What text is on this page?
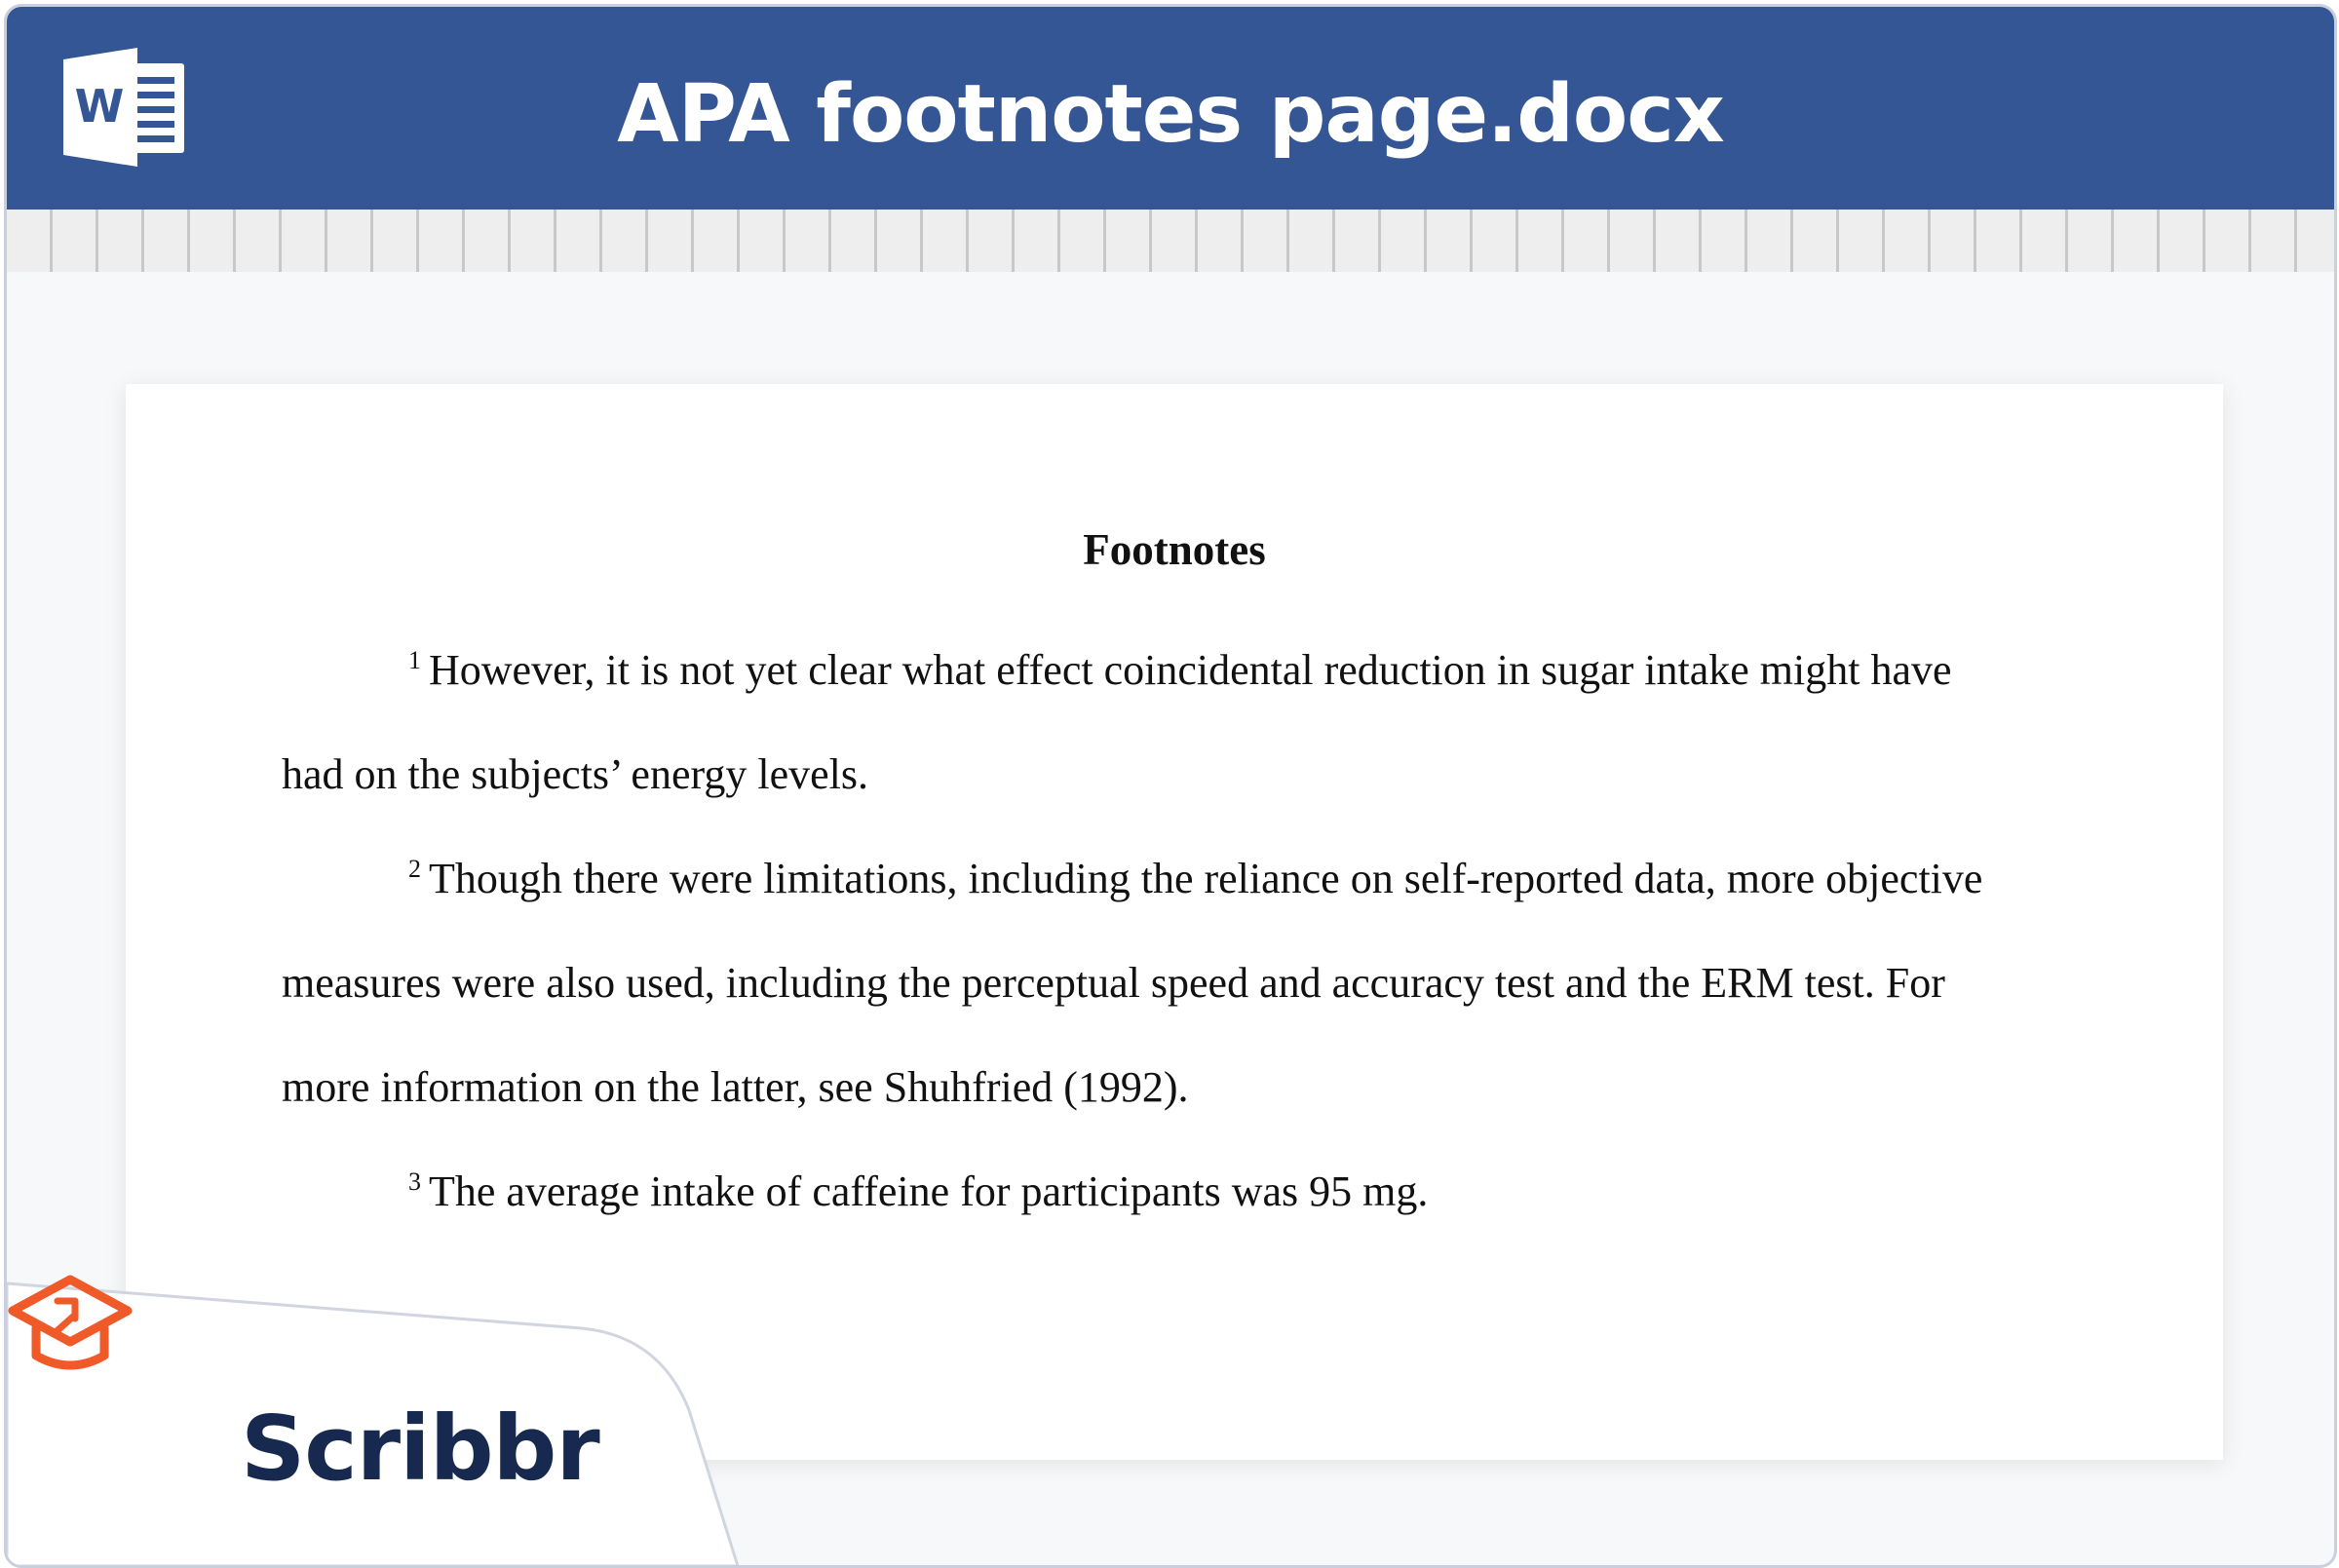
W	APA footnotes page.docx
Footnotes

$^1$ However, it is not yet clear what effect coincidental reduction in sugar intake might have had on the subjects’ energy levels.

$^2$ Though there were limitations, including the reliance on self-reported data, more objective measures were also used, including the perceptual speed and accuracy test and the ERM test. For more information on the latter, see Shuhfried (1992).

$^3$ The average intake of caffeine for participants was 95 mg.

Scribbr
